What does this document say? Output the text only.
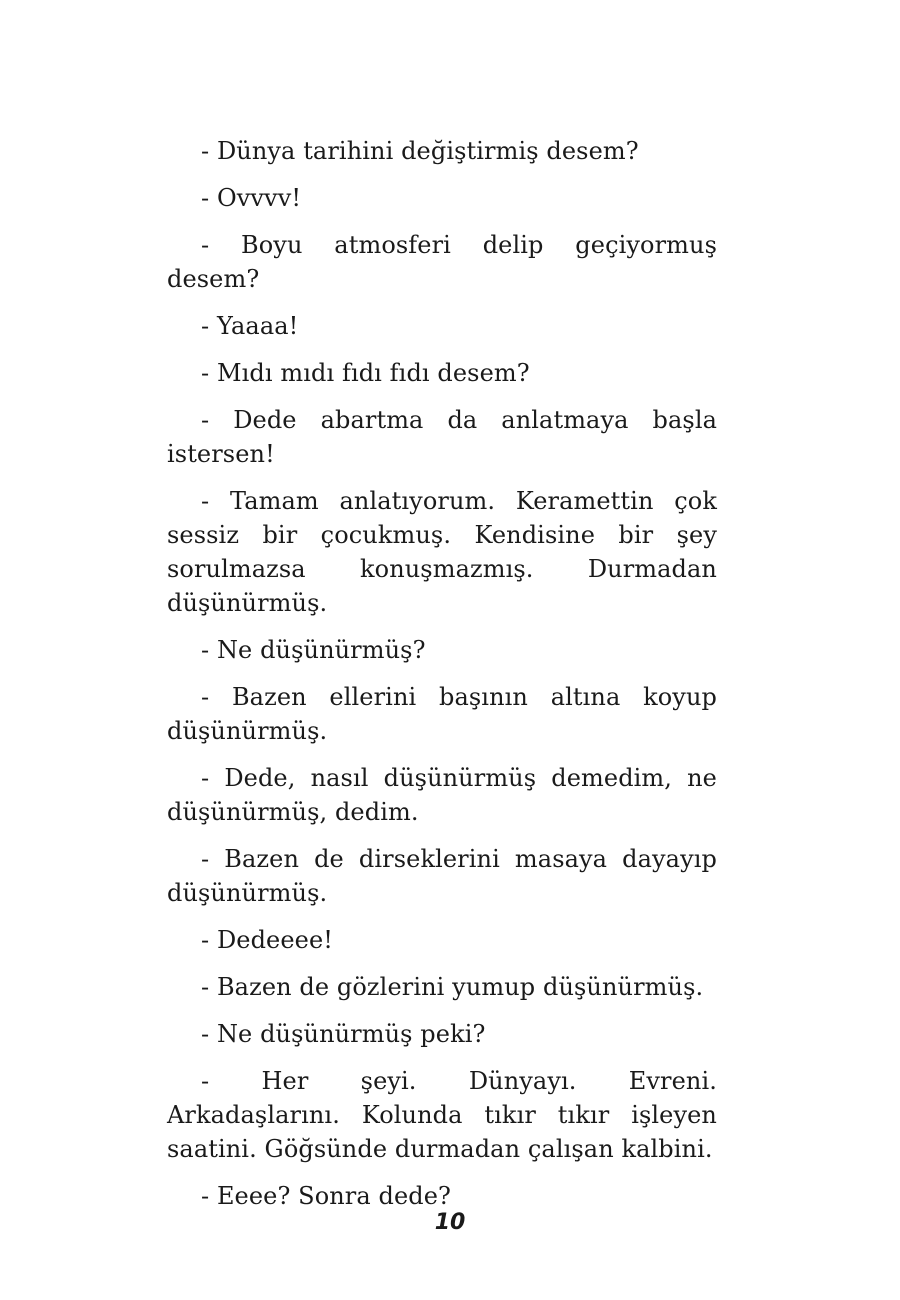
- Dünya tarihini değiştirmiş desem?

- Ovvvv!

- Boyu atmosferi delip geçiyormuş desem?

- Yaaaa!

- Mıdı mıdı fıdı fıdı desem?

- Dede abartma da anlatmaya başla istersen!

- Tamam anlatıyorum. Keramettin çok sessiz bir çocukmuş. Kendisine bir şey sorulmazsa konuşmazmış. Durmadan düşünürmüş.

- Ne düşünürmüş?

- Bazen ellerini başının altına koyup düşünürmüş.

- Dede, nasıl düşünürmüş demedim, ne düşünürmüş, dedim.

- Bazen de dirseklerini masaya dayayıp düşünürmüş.

- Dedeeee!

- Bazen de gözlerini yumup düşünürmüş.

- Ne düşünürmüş peki?

- Her şeyi. Dünyayı. Evreni. Arkadaşlarını. Kolunda tıkır tıkır işleyen saatini. Göğsünde durmadan çalışan kalbini.

- Eeee? Sonra dede?

10
